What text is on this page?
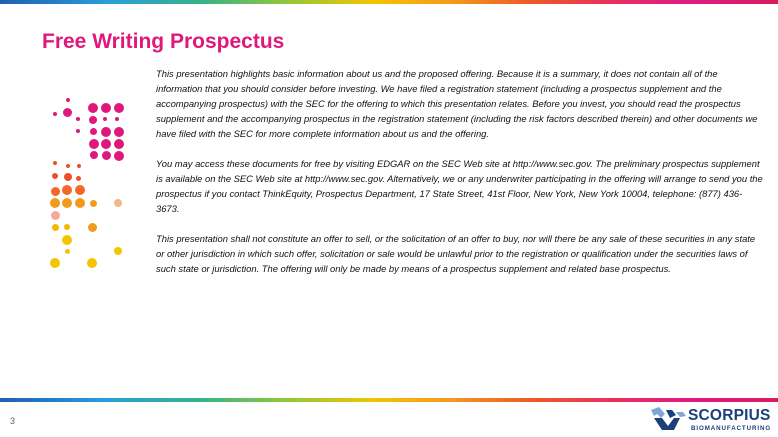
Free Writing Prospectus

This presentation highlights basic information about us and the proposed offering. Because it is a summary, it does not contain all of the information that you should consider before investing. We have filed a registration statement (including a prospectus supplement and the accompanying prospectus) with the SEC for the offering to which this presentation relates. Before you invest, you should read the prospectus supplement and the accompanying prospectus in the registration statement (including the risk factors described therein) and other documents we have filed with the SEC for more complete information about us and the offering.

You may access these documents for free by visiting EDGAR on the SEC Web site at http://www.sec.gov. The preliminary prospectus supplement is available on the SEC Web site at http://www.sec.gov. Alternatively, we or any underwriter participating in the offering will arrange to send you the prospectus if you contact ThinkEquity, Prospectus Department, 17 State Street, 41st Floor, New York, New York 10004, telephone: (877) 436-3673.

This presentation shall not constitute an offer to sell, or the solicitation of an offer to buy, nor will there be any sale of these securities in any state or other jurisdiction in which such offer, solicitation or sale would be unlawful prior to the registration or qualification under the securities laws of such state or jurisdiction. The offering will only be made by means of a prospectus supplement and related base prospectus.

3	SCORPIUS
BIOMANUFACTURING
